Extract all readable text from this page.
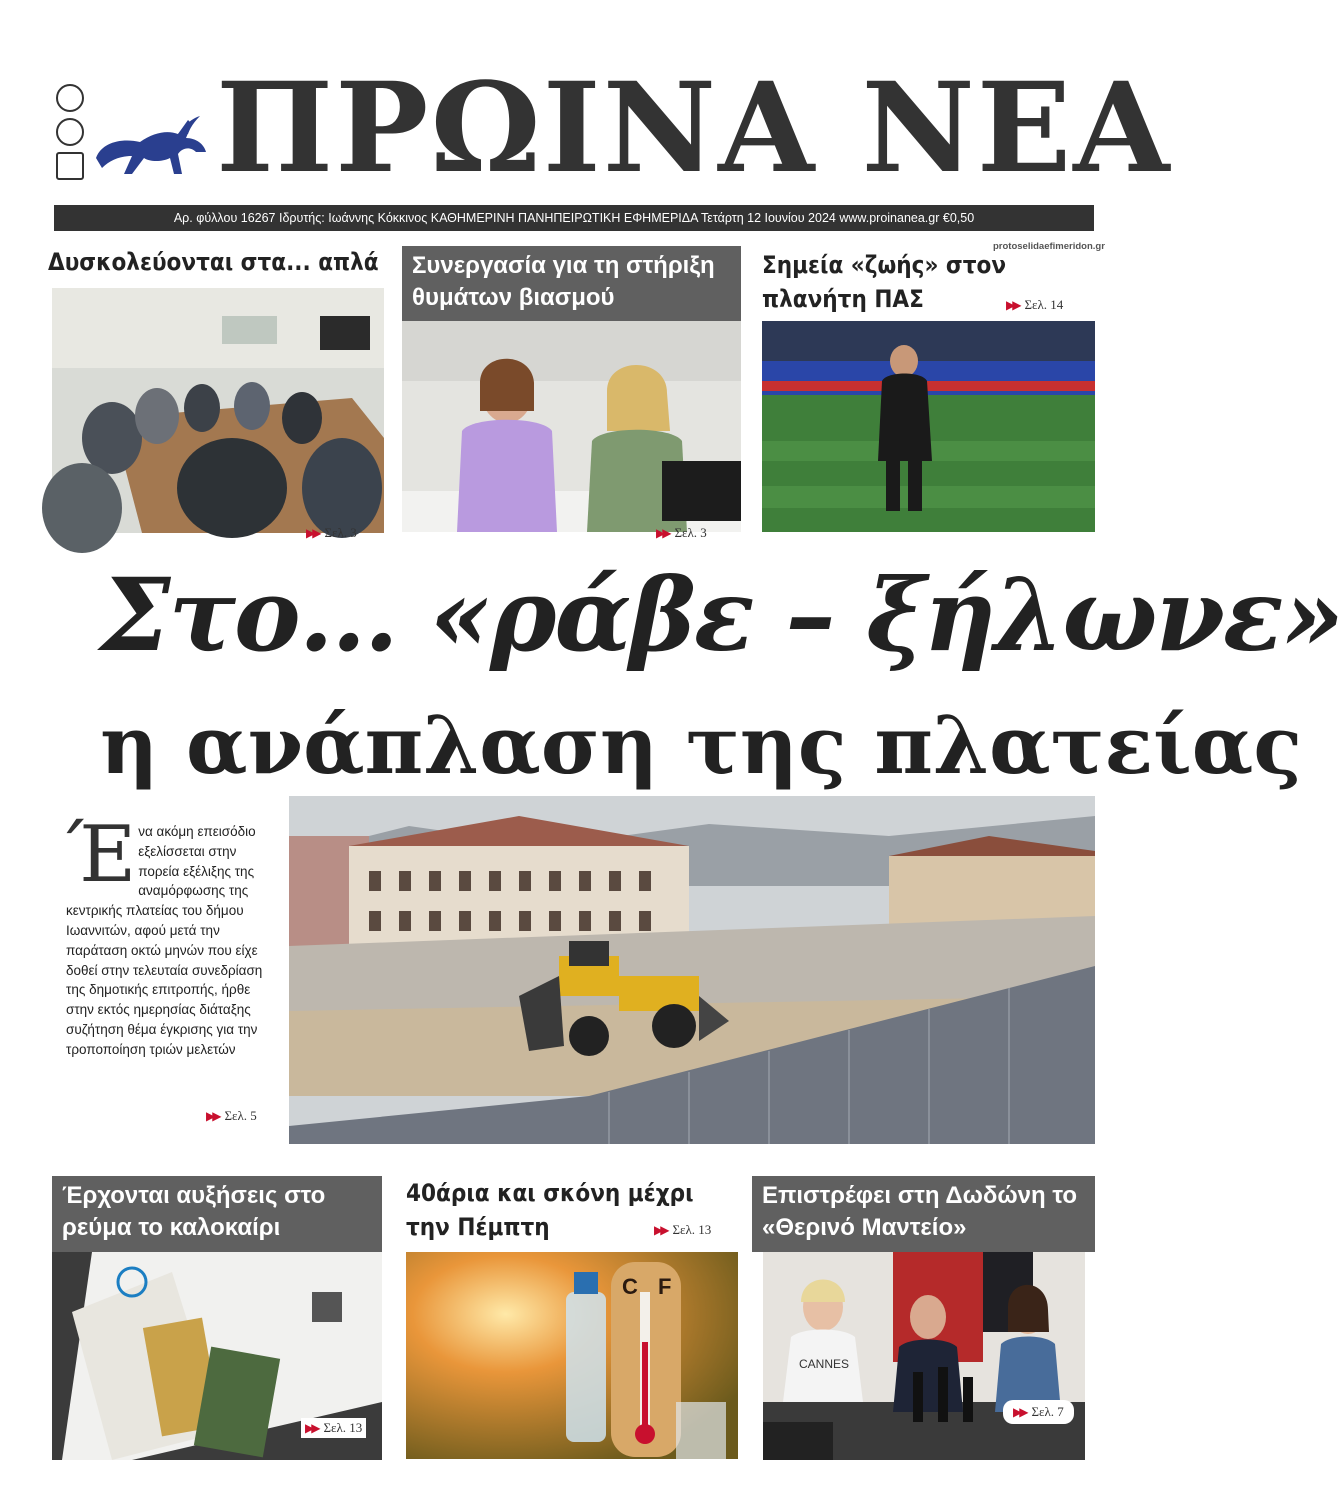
ΠΡΩΙΝΑ ΝΕΑ
Αρ. φύλλου 16267 Ιδρυτής: Ιωάννης Κόκκινος ΚΑΘΗΜΕΡΙΝΗ ΠΑΝΗΠΕΙΡΩΤΙΚΗ ΕΦΗΜΕΡΙΔΑ Τετάρτη 12 Ιουνίου 2024 www.proinanea.gr €0,50
protoselidaefimeridon.gr
Δυσκολεύονται στα... απλά
▶▶ Σελ. 3
Συνεργασία για τη στήριξη θυμάτων βιασμού
▶▶ Σελ. 3
Σημεία «ζωής» στον πλανήτη ΠΑΣ	▶▶ Σελ. 14
Στο… «ράβε – ξήλωνε»
η ανάπλαση της πλατείας
Ένα ακόμη επεισόδιο εξελίσσεται στην πορεία εξέλιξης της αναμόρφωσης της κεντρικής πλατείας του δήμου Ιωαννιτών, αφού μετά την παράταση οκτώ μηνών που είχε δοθεί στην τελευταία συνεδρίαση της δημοτικής επιτροπής, ήρθε στην εκτός ημερησίας διάταξης συζήτηση θέμα έγκρισης για την τροποποίηση τριών μελετών
▶▶ Σελ. 5
Έρχονται αυξήσεις στο ρεύμα το καλοκαίρι
▶▶ Σελ. 13
40άρια και σκόνη μέχρι την Πέμπτη	▶▶ Σελ. 13
C F
Επιστρέφει στη Δωδώνη το «Θερινό Μαντείο»
CANNES
▶▶ Σελ. 7
